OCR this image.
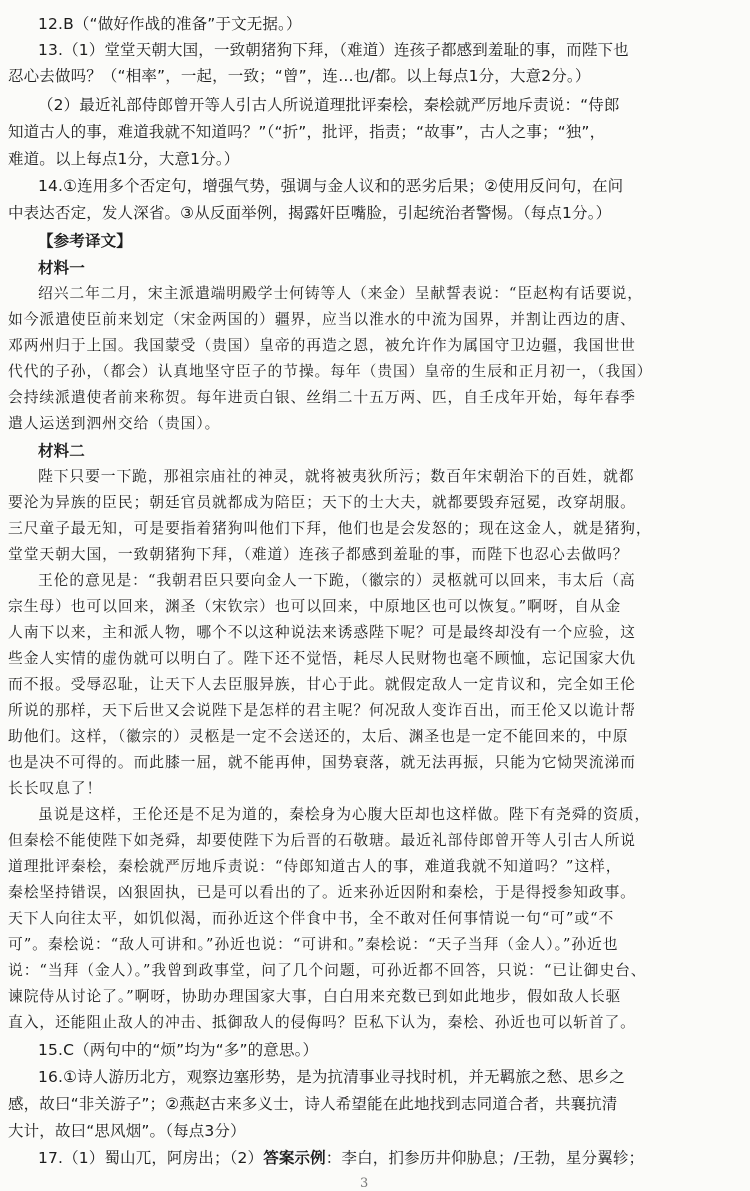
12.B（“做好作战的准备”于文无据。）
13.（1）堂堂天朝大国，一致朝猪狗下拜，（难道）连孩子都感到羞耻的事，而陛下也
忍心去做吗？（“相率”，一起，一致；“曾”，连…也/都。以上每点1分，大意2分。）
（2）最近礼部侍郎曾开等人引古人所说道理批评秦桧，秦桧就严厉地斥责说：“侍郎
知道古人的事，难道我就不知道吗？”（“折”，批评，指责；“故事”，古人之事；“独”，
难道。以上每点1分，大意1分。）
14.①连用多个否定句，增强气势，强调与金人议和的恶劣后果；②使用反问句，在问
中表达否定，发人深省。③从反面举例，揭露奸臣嘴脸，引起统治者警惕。（每点1分。）
【参考译文】
材料一
绍兴二年二月，宋主派遣端明殿学士何铸等人（来金）呈献誓表说：“臣赵构有话要说，
如今派遣使臣前来划定（宋金两国的）疆界，应当以淮水的中流为国界，并割让西边的唐、
邓两州归于上国。我国蒙受（贵国）皇帝的再造之恩，被允许作为属国守卫边疆，我国世世
代代的子孙，（都会）认真地坚守臣子的节操。每年（贵国）皇帝的生辰和正月初一，（我国）
会持续派遣使者前来称贺。每年进贡白银、丝绢二十五万两、匹，自壬戌年开始，每年春季
遣人运送到泗州交给（贵国）。
材料二
陛下只要一下跪，那祖宗庙社的神灵，就将被夷狄所污；数百年宋朝治下的百姓，就都
要沦为异族的臣民；朝廷官员就都成为陪臣；天下的士大夫，就都要毁弃冠冕，改穿胡服。
三尺童子最无知，可是要指着猪狗叫他们下拜，他们也是会发怒的；现在这金人，就是猪狗，
堂堂天朝大国，一致朝猪狗下拜，（难道）连孩子都感到羞耻的事，而陛下也忍心去做吗？
王伦的意见是：“我朝君臣只要向金人一下跪，（徽宗的）灵柩就可以回来，韦太后（高
宗生母）也可以回来，渊圣（宋钦宗）也可以回来，中原地区也可以恢复。”啊呀，自从金
人南下以来，主和派人物，哪个不以这种说法来诱惑陛下呢？可是最终却没有一个应验，这
些金人实情的虚伪就可以明白了。陛下还不觉悟，耗尽人民财物也毫不顾恤，忘记国家大仇
而不报。受辱忍耻，让天下人去臣服异族，甘心于此。就假定敌人一定肯议和，完全如王伦
所说的那样，天下后世又会说陛下是怎样的君主呢？何况敌人变诈百出，而王伦又以诡计帮
助他们。这样，（徽宗的）灵柩是一定不会送还的，太后、渊圣也是一定不能回来的，中原
也是决不可得的。而此膝一屈，就不能再伸，国势衰落，就无法再振，只能为它恸哭流涕而
长长叹息了！
虽说是这样，王伦还是不足为道的，秦桧身为心腹大臣却也这样做。陛下有尧舜的资质，
但秦桧不能使陛下如尧舜，却要使陛下为后晋的石敬瑭。最近礼部侍郎曾开等人引古人所说
道理批评秦桧，秦桧就严厉地斥责说：“侍郎知道古人的事，难道我就不知道吗？”这样，
秦桧坚持错误，凶狠固执，已是可以看出的了。近来孙近因附和秦桧，于是得授参知政事。
天下人向往太平，如饥似渴，而孙近这个伴食中书，全不敢对任何事情说一句“可”或“不
可”。秦桧说：“敌人可讲和。”孙近也说：“可讲和。”秦桧说：“天子当拜（金人）。”孙近也
说：“当拜（金人）。”我曾到政事堂，问了几个问题，可孙近都不回答，只说：“已让御史台、
谏院侍从讨论了。”啊呀，协助办理国家大事，白白用来充数已到如此地步，假如敌人长驱
直入，还能阻止敌人的冲击、抵御敌人的侵侮吗？臣私下认为，秦桧、孙近也可以斩首了。
15.C（两句中的“烦”均为“多”的意思。）
16.①诗人游历北方，观察边塞形势，是为抗清事业寻找时机，并无羁旅之愁、思乡之
感，故曰“非关游子”；②燕赵古来多义士，诗人希望能在此地找到志同道合者，共襄抗清
大计，故曰“思风烟”。（每点3分）
17.（1）蜀山兀，阿房出；（2）答案示例：李白，扪参历井仰胁息；/王勃，星分翼轸；
3
